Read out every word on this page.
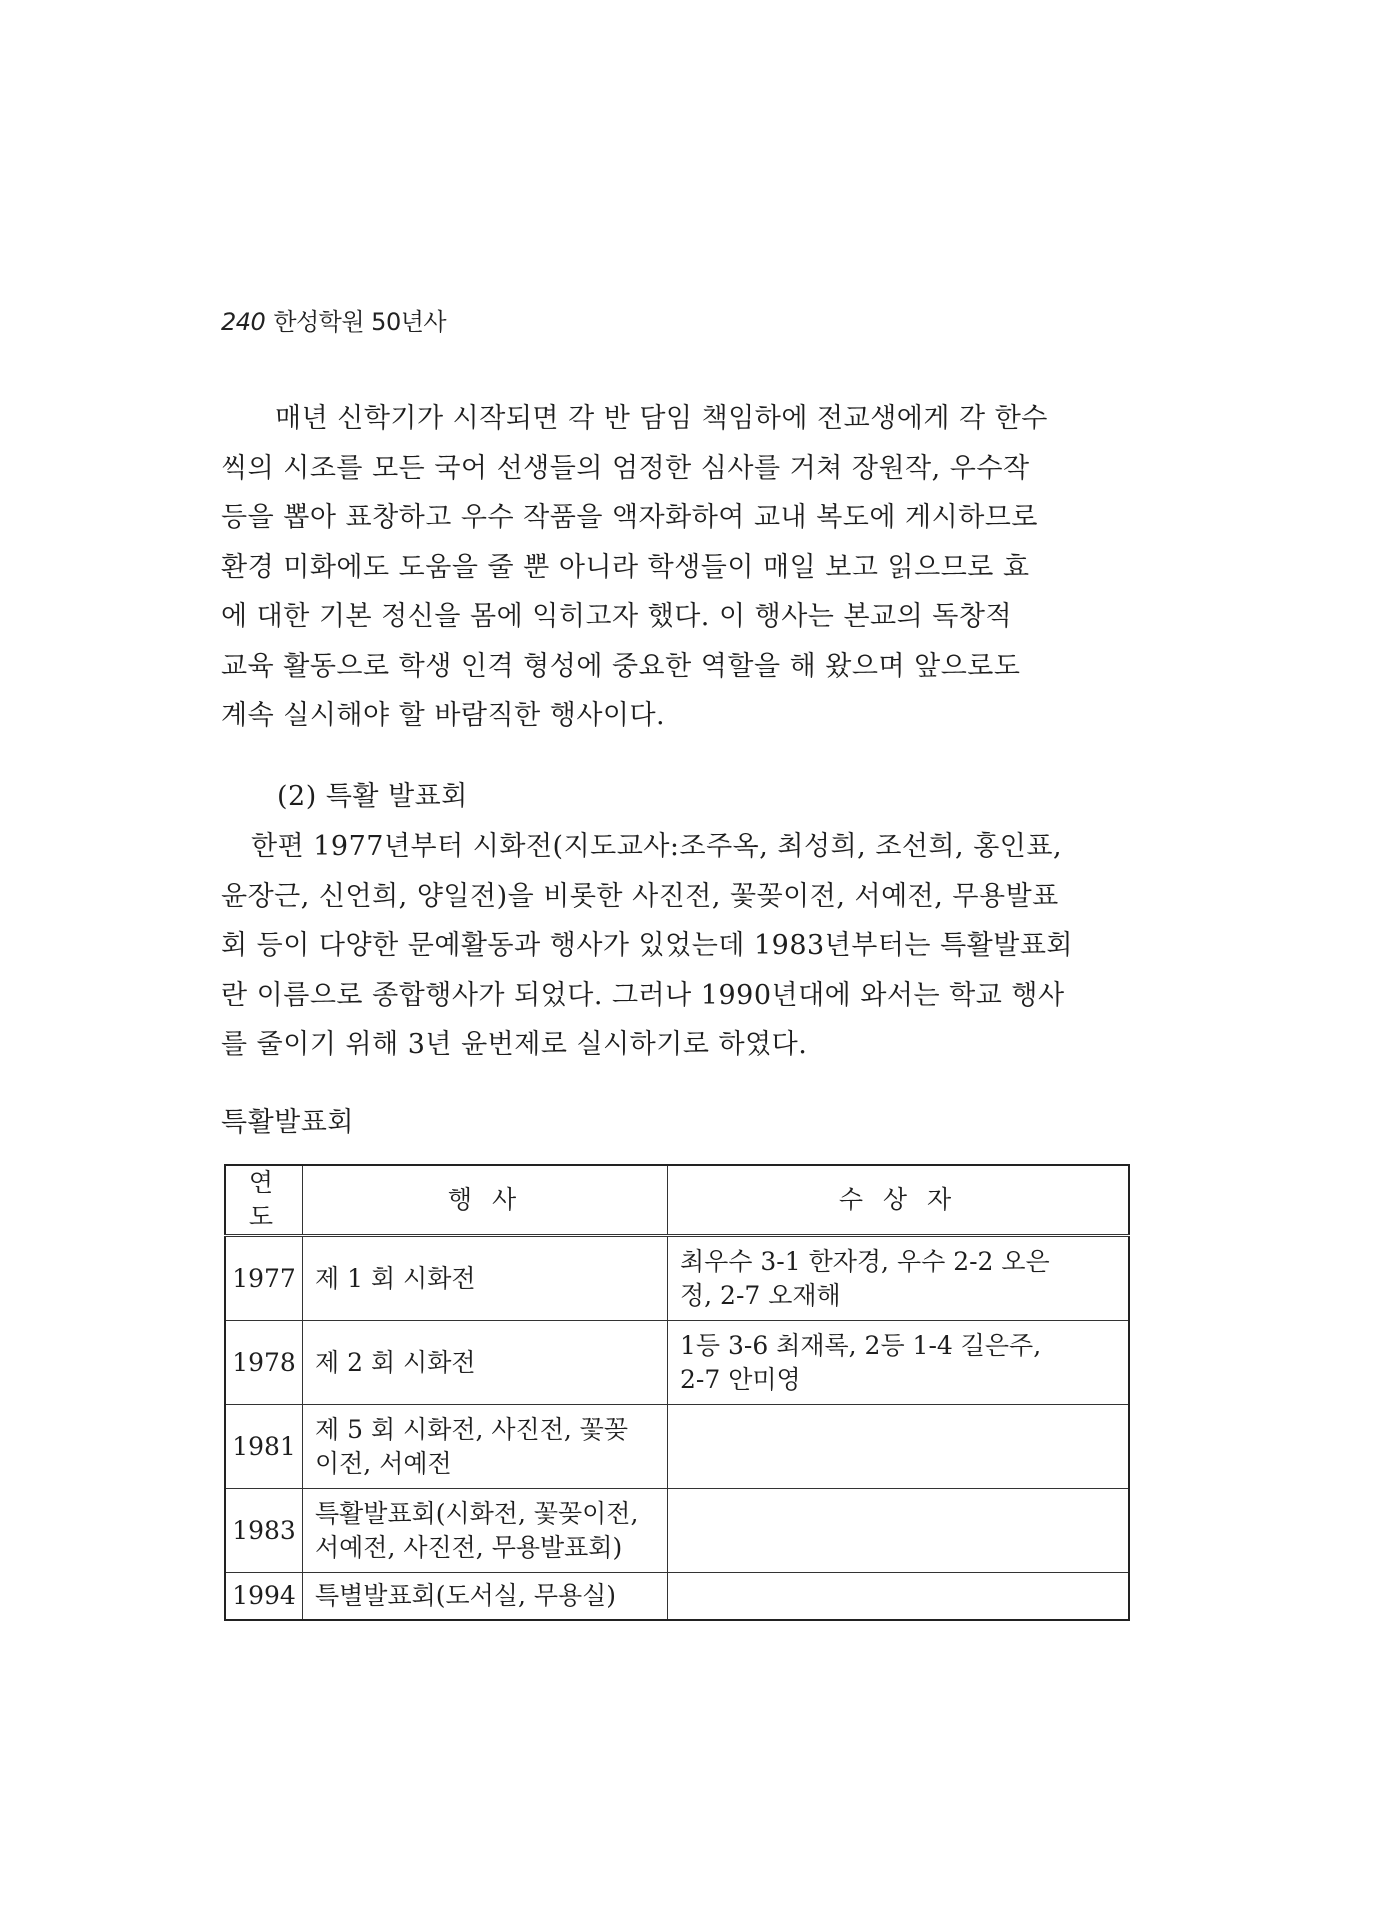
240 한성학원 50년사

매년 신학기가 시작되면 각 반 담임 책임하에 전교생에게 각 한수
씩의 시조를 모든 국어 선생들의 엄정한 심사를 거쳐 장원작, 우수작
등을 뽑아 표창하고 우수 작품을 액자화하여 교내 복도에 게시하므로
환경 미화에도 도움을 줄 뿐 아니라 학생들이 매일 보고 읽으므로 효
에 대한 기본 정신을 몸에 익히고자 했다. 이 행사는 본교의 독창적
교육 활동으로 학생 인격 형성에 중요한 역할을 해 왔으며 앞으로도
계속 실시해야 할 바람직한 행사이다.

(2) 특활 발표회

한편 1977년부터 시화전(지도교사:조주옥, 최성희, 조선희, 홍인표,
윤장근, 신언희, 양일전)을 비롯한 사진전, 꽃꽂이전, 서예전, 무용발표
회 등이 다양한 문예활동과 행사가 있었는데 1983년부터는 특활발표회
란 이름으로 종합행사가 되었다. 그러나 1990년대에 와서는 학교 행사
를 줄이기 위해 3년 윤번제로 실시하기로 하였다.

특활발표회
연도	행 사	수 상 자
1977	제 1 회 시화전	최우수 3-1 한자경, 우수 2-2 오은
정, 2-7 오재해
1978	제 2 회 시화전	1등 3-6 최재록, 2등 1-4 길은주,
2-7 안미영
1981	제 5 회 시화전, 사진전, 꽃꽂
이전, 서예전	
1983	특활발표회(시화전, 꽃꽂이전,
서예전, 사진전, 무용발표회)	
1994	특별발표회(도서실, 무용실)	
